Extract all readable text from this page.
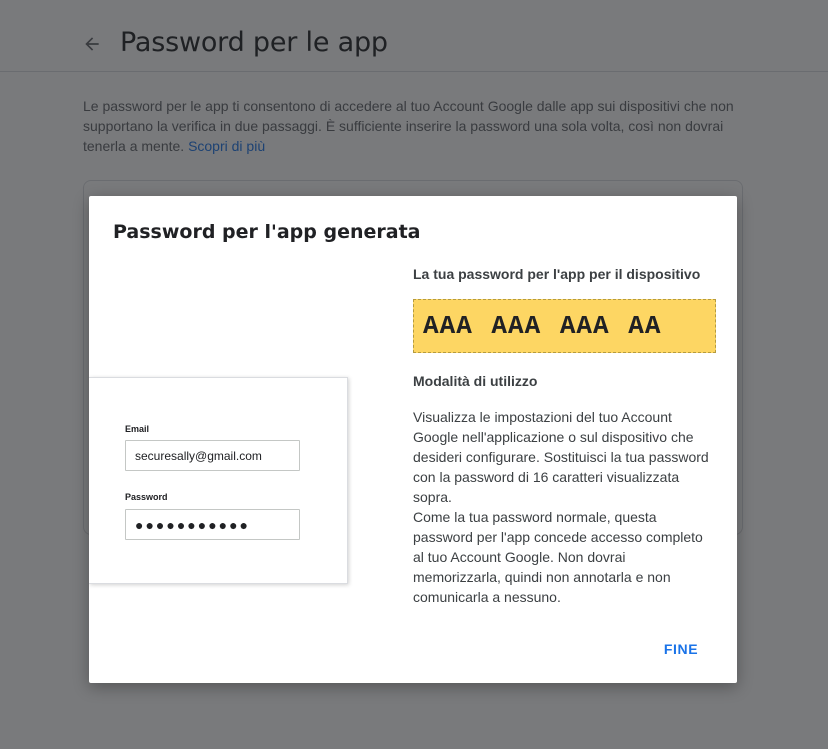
Password per l'app generata
Email
securesally@gmail.com
Password
●●●●●●●●●●●
La tua password per l'app per il dispositivo
AAA AAA AAA AA
Modalità di utilizzo
Visualizza le impostazioni del tuo Account Google nell'applicazione o sul dispositivo che desideri configurare. Sostituisci la tua password con la password di 16 caratteri visualizzata sopra.
Come la tua password normale, questa password per l'app concede accesso completo al tuo Account Google. Non dovrai memorizzarla, quindi non annotarla e non comunicarla a nessuno.
FINE
